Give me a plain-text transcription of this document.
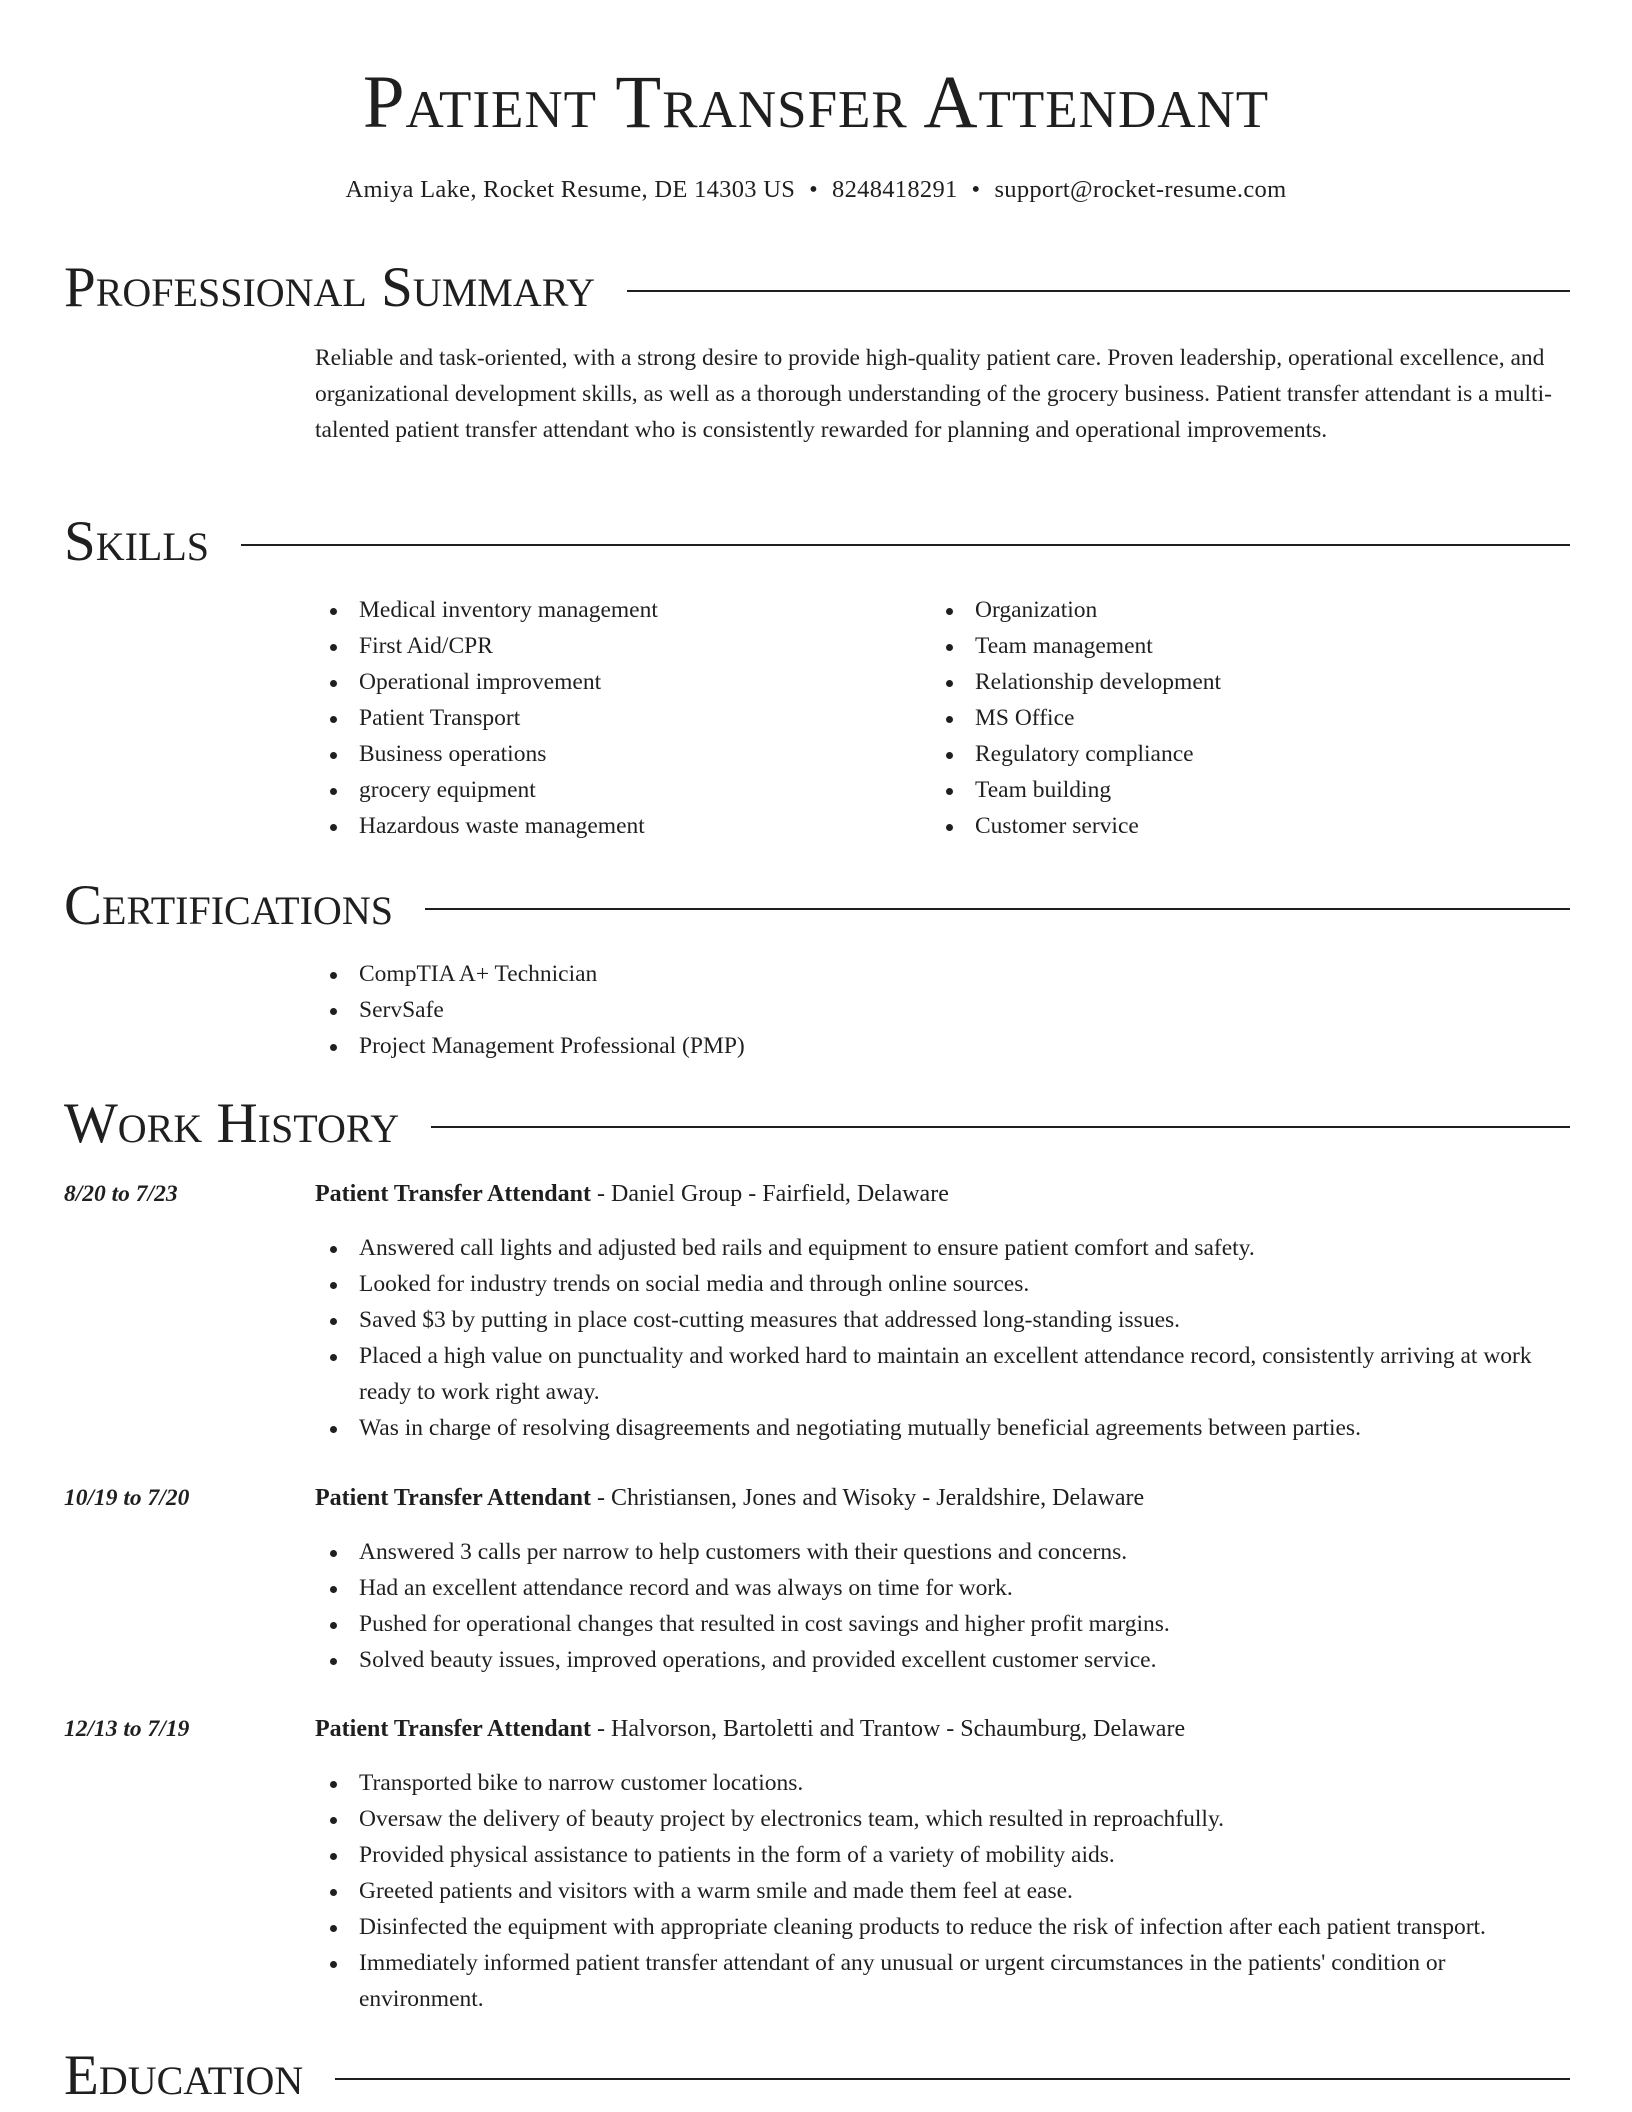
Patient Transfer Attendant
Amiya Lake, Rocket Resume, DE 14303 US • 8248418291 • support@rocket-resume.com
Professional Summary

Reliable and task-oriented, with a strong desire to provide high-quality patient care. Proven leadership, operational excellence, and organizational development skills, as well as a thorough understanding of the grocery business. Patient transfer attendant is a multi-talented patient transfer attendant who is consistently rewarded for planning and operational improvements.

Skills
Medical inventory management
First Aid/CPR
Operational improvement
Patient Transport
Business operations
grocery equipment
Hazardous waste management
Organization
Team management
Relationship development
MS Office
Regulatory compliance
Team building
Customer service
Certifications
CompTIA A+ Technician
ServSafe
Project Management Professional (PMP)
Work History
8/20 to 7/23	Patient Transfer Attendant - Daniel Group - Fairfield, Delaware
Answered call lights and adjusted bed rails and equipment to ensure patient comfort and safety.
Looked for industry trends on social media and through online sources.
Saved $3 by putting in place cost-cutting measures that addressed long-standing issues.
Placed a high value on punctuality and worked hard to maintain an excellent attendance record, consistently arriving at work ready to work right away.
Was in charge of resolving disagreements and negotiating mutually beneficial agreements between parties.
10/19 to 7/20	Patient Transfer Attendant - Christiansen, Jones and Wisoky - Jeraldshire, Delaware
Answered 3 calls per narrow to help customers with their questions and concerns.
Had an excellent attendance record and was always on time for work.
Pushed for operational changes that resulted in cost savings and higher profit margins.
Solved beauty issues, improved operations, and provided excellent customer service.
12/13 to 7/19	Patient Transfer Attendant - Halvorson, Bartoletti and Trantow - Schaumburg, Delaware
Transported bike to narrow customer locations.
Oversaw the delivery of beauty project by electronics team, which resulted in reproachfully.
Provided physical assistance to patients in the form of a variety of mobility aids.
Greeted patients and visitors with a warm smile and made them feel at ease.
Disinfected the equipment with appropriate cleaning products to reduce the risk of infection after each patient transport.
Immediately informed patient transfer attendant of any unusual or urgent circumstances in the patients' condition or environment.
Education
